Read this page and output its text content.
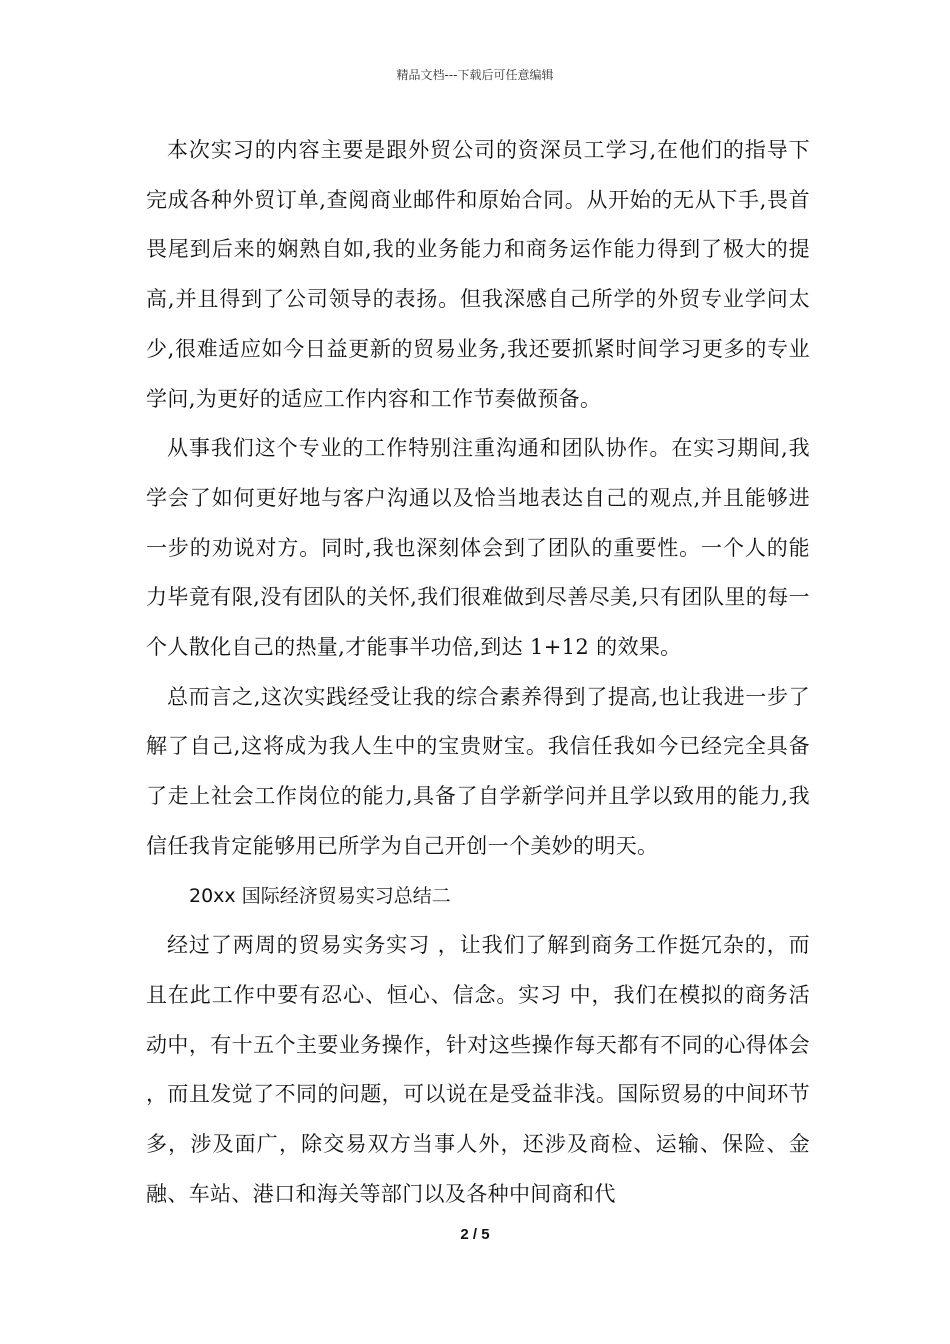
精品文档---下载后可任意编辑

本次实习的内容主要是跟外贸公司的资深员工学习,在他们的指导下完成各种外贸订单,查阅商业邮件和原始合同。从开始的无从下手,畏首畏尾到后来的娴熟自如,我的业务能力和商务运作能力得到了极大的提高,并且得到了公司领导的表扬。但我深感自己所学的外贸专业学问太少,很难适应如今日益更新的贸易业务,我还要抓紧时间学习更多的专业学问,为更好的适应工作内容和工作节奏做预备。

从事我们这个专业的工作特别注重沟通和团队协作。在实习期间,我学会了如何更好地与客户沟通以及恰当地表达自己的观点,并且能够进一步的劝说对方。同时,我也深刻体会到了团队的重要性。一个人的能力毕竟有限,没有团队的关怀,我们很难做到尽善尽美,只有团队里的每一个人散化自己的热量,才能事半功倍,到达 1+12 的效果。

总而言之,这次实践经受让我的综合素养得到了提高,也让我进一步了解了自己,这将成为我人生中的宝贵财宝。我信任我如今已经完全具备了走上社会工作岗位的能力,具备了自学新学问并且学以致用的能力,我信任我肯定能够用已所学为自己开创一个美妙的明天。

20xx 国际经济贸易实习总结二

经过了两周的贸易实务实习 ，让我们了解到商务工作挺冗杂的，而且在此工作中要有忍心、恒心、信念。实习 中，我们在模拟的商务活动中，有十五个主要业务操作，针对这些操作每天都有不同的心得体会 ，而且发觉了不同的问题，可以说在是受益非浅。国际贸易的中间环节多，涉及面广，除交易双方当事人外，还涉及商检、运输、保险、金融、车站、港口和海关等部门以及各种中间商和代

2 / 5
